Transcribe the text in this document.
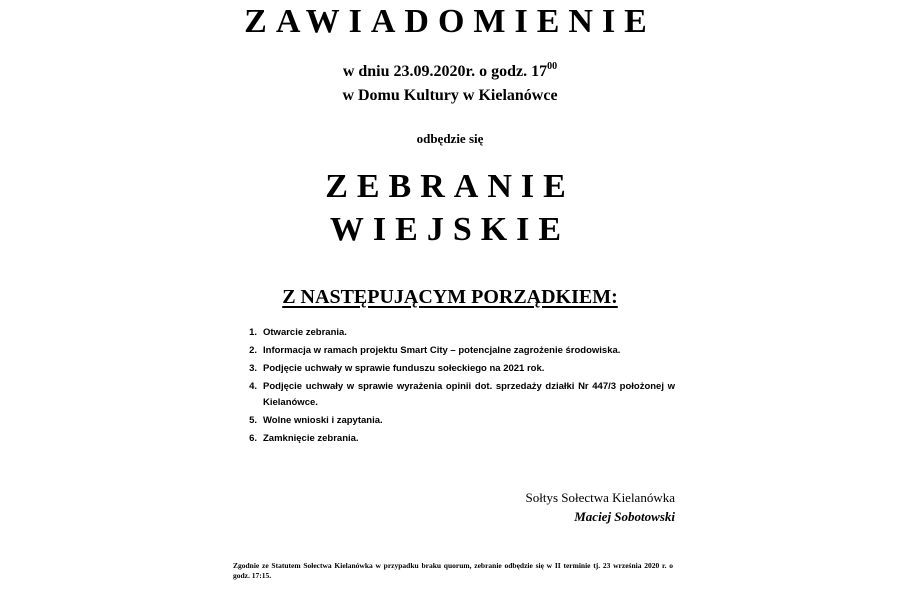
ZAWIADOMIENIE

w dniu 23.09.2020r. o godz. $17^{00}$

w Domu Kultury w Kielanówce

odbędzie się

ZEBRANIE
WIEJSKIE
Z NASTĘPUJĄCYM PORZĄDKIEM:
1. Otwarcie zebrania.
2. Informacja w ramach projektu Smart City – potencjalne zagrożenie środowiska.
3. Podjęcie uchwały w sprawie funduszu sołeckiego na 2021 rok.
4. Podjęcie uchwały w sprawie wyrażenia opinii dot. sprzedaży działki Nr 447/3 położonej w Kielanówce.
5. Wolne wnioski i zapytania.
6. Zamknięcie zebrania.

Sołtys Sołectwa Kielanówka

Maciej Sobotowski

Zgodnie ze Statutem Sołectwa Kielanówka w przypadku braku quorum, zebranie odbędzie się w II terminie tj. 23 września 2020 r. o godz. 17:15.
